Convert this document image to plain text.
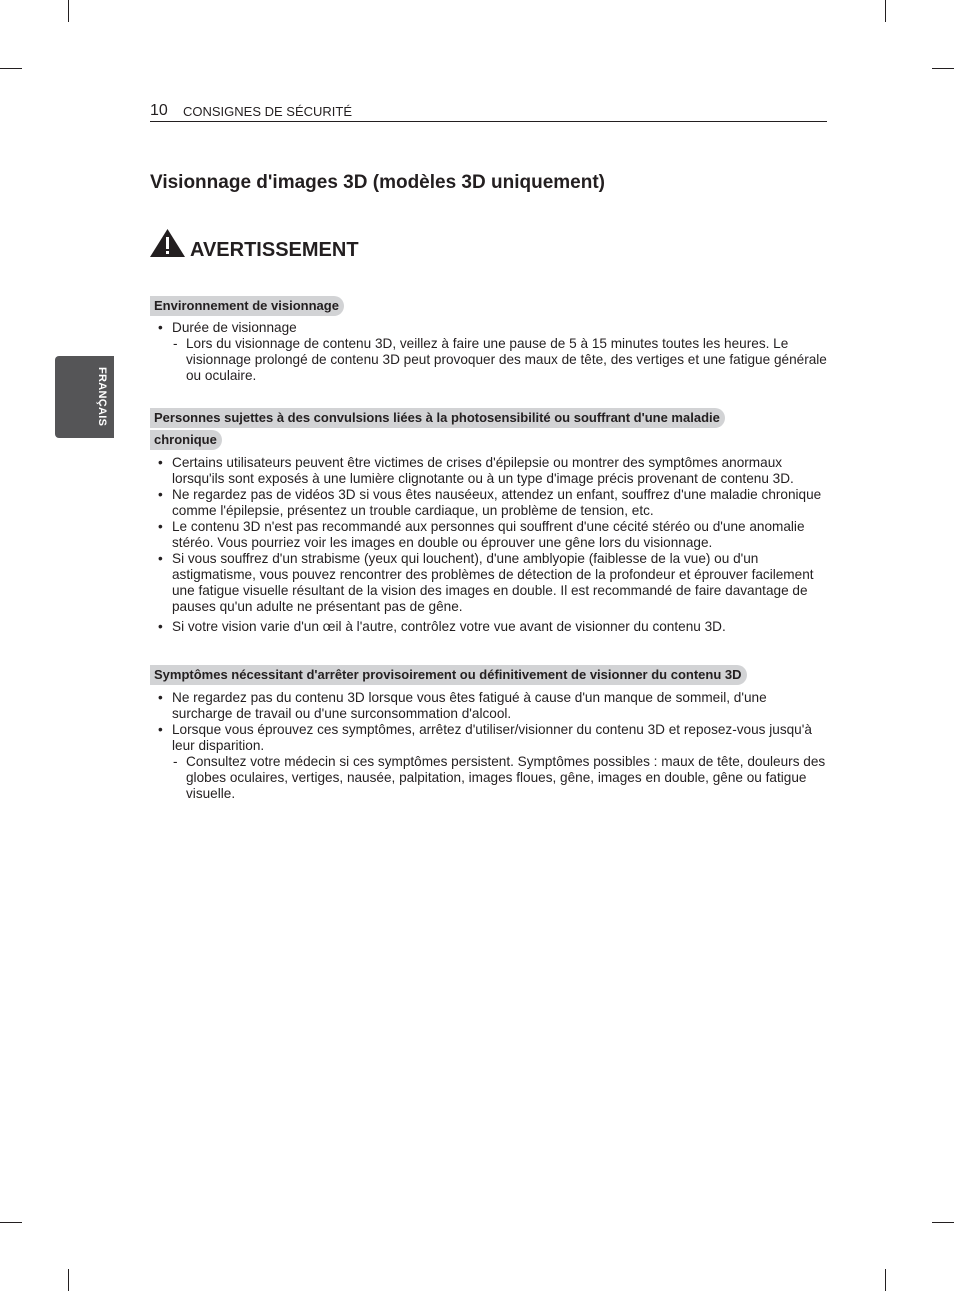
10 CONSIGNES DE SÉCURITÉ
FRANÇAIS
Visionnage d'images 3D (modèles 3D uniquement)
AVERTISSEMENT
Environnement de visionnage
• Durée de visionnage
- Lors du visionnage de contenu 3D, veillez à faire une pause de 5 à 15 minutes toutes les heures. Le visionnage prolongé de contenu 3D peut provoquer des maux de tête, des vertiges et une fatigue générale ou oculaire.
Personnes sujettes à des convulsions liées à la photosensibilité ou souffrant d'une maladie
chronique
• Certains utilisateurs peuvent être victimes de crises d'épilepsie ou montrer des symptômes anormaux lorsqu'ils sont exposés à une lumière clignotante ou à un type d'image précis provenant de contenu 3D.
• Ne regardez pas de vidéos 3D si vous êtes nauséeux, attendez un enfant, souffrez d'une maladie chronique comme l'épilepsie, présentez un trouble cardiaque, un problème de tension, etc.
• Le contenu 3D n'est pas recommandé aux personnes qui souffrent d'une cécité stéréo ou d'une anomalie stéréo. Vous pourriez voir les images en double ou éprouver une gêne lors du visionnage.
• Si vous souffrez d'un strabisme (yeux qui louchent), d'une amblyopie (faiblesse de la vue) ou d'un astigmatisme, vous pouvez rencontrer des problèmes de détection de la profondeur et éprouver facilement une fatigue visuelle résultant de la vision des images en double. Il est recommandé de faire davantage de pauses qu'un adulte ne présentant pas de gêne.
• Si votre vision varie d'un œil à l'autre, contrôlez votre vue avant de visionner du contenu 3D.
Symptômes nécessitant d'arrêter provisoirement ou définitivement de visionner du contenu 3D
• Ne regardez pas du contenu 3D lorsque vous êtes fatigué à cause d'un manque de sommeil, d'une surcharge de travail ou d'une surconsommation d'alcool.
• Lorsque vous éprouvez ces symptômes, arrêtez d'utiliser/visionner du contenu 3D et reposez-vous jusqu'à leur disparition.
- Consultez votre médecin si ces symptômes persistent. Symptômes possibles : maux de tête, douleurs des globes oculaires, vertiges, nausée, palpitation, images floues, gêne, images en double, gêne ou fatigue visuelle.
